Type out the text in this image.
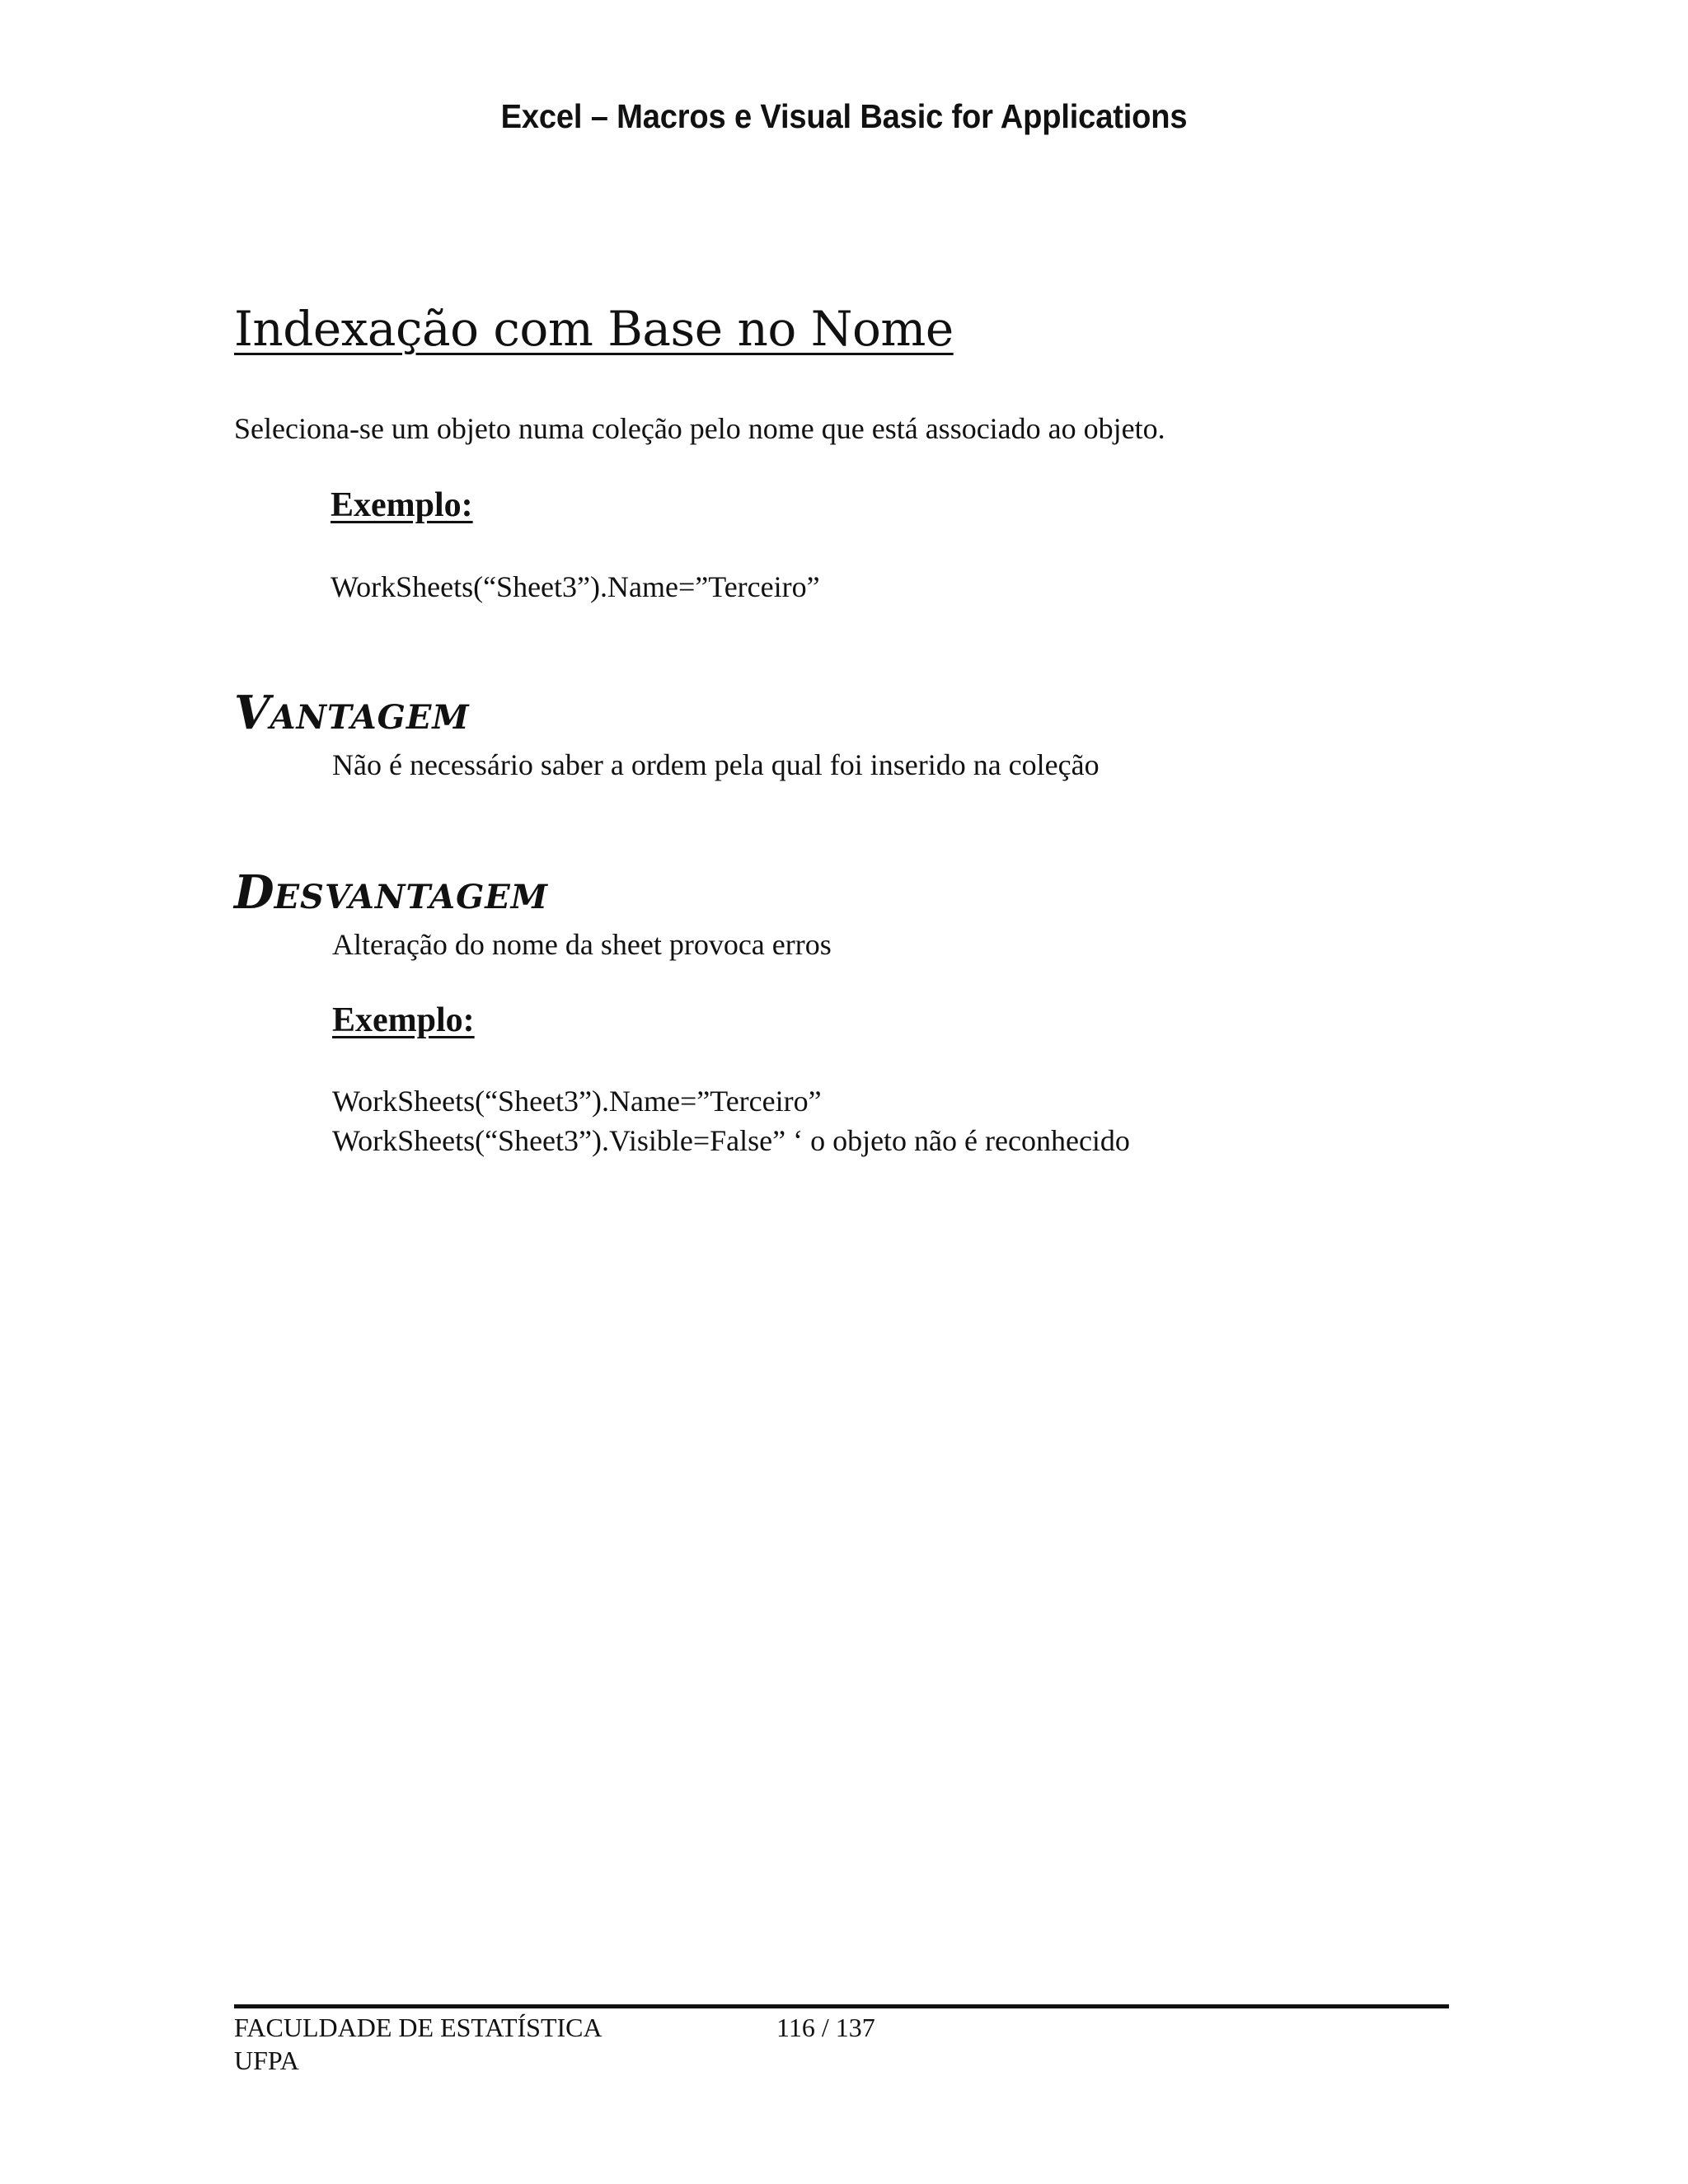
Excel – Macros e Visual Basic for Applications
Indexação com Base no Nome
Seleciona-se um objeto numa coleção pelo nome que está associado ao objeto.
Exemplo:
WorkSheets(“Sheet3”).Name=”Terceiro”
VANTAGEM
Não é necessário saber a ordem pela qual foi inserido na coleção
DESVANTAGEM
Alteração do nome da sheet provoca erros
Exemplo:
WorkSheets(“Sheet3”).Name=”Terceiro”
WorkSheets(“Sheet3”).Visible=False” ‘ o objeto não é reconhecido
FACULDADE DE ESTATÍSTICA
UFPA
116 / 137
